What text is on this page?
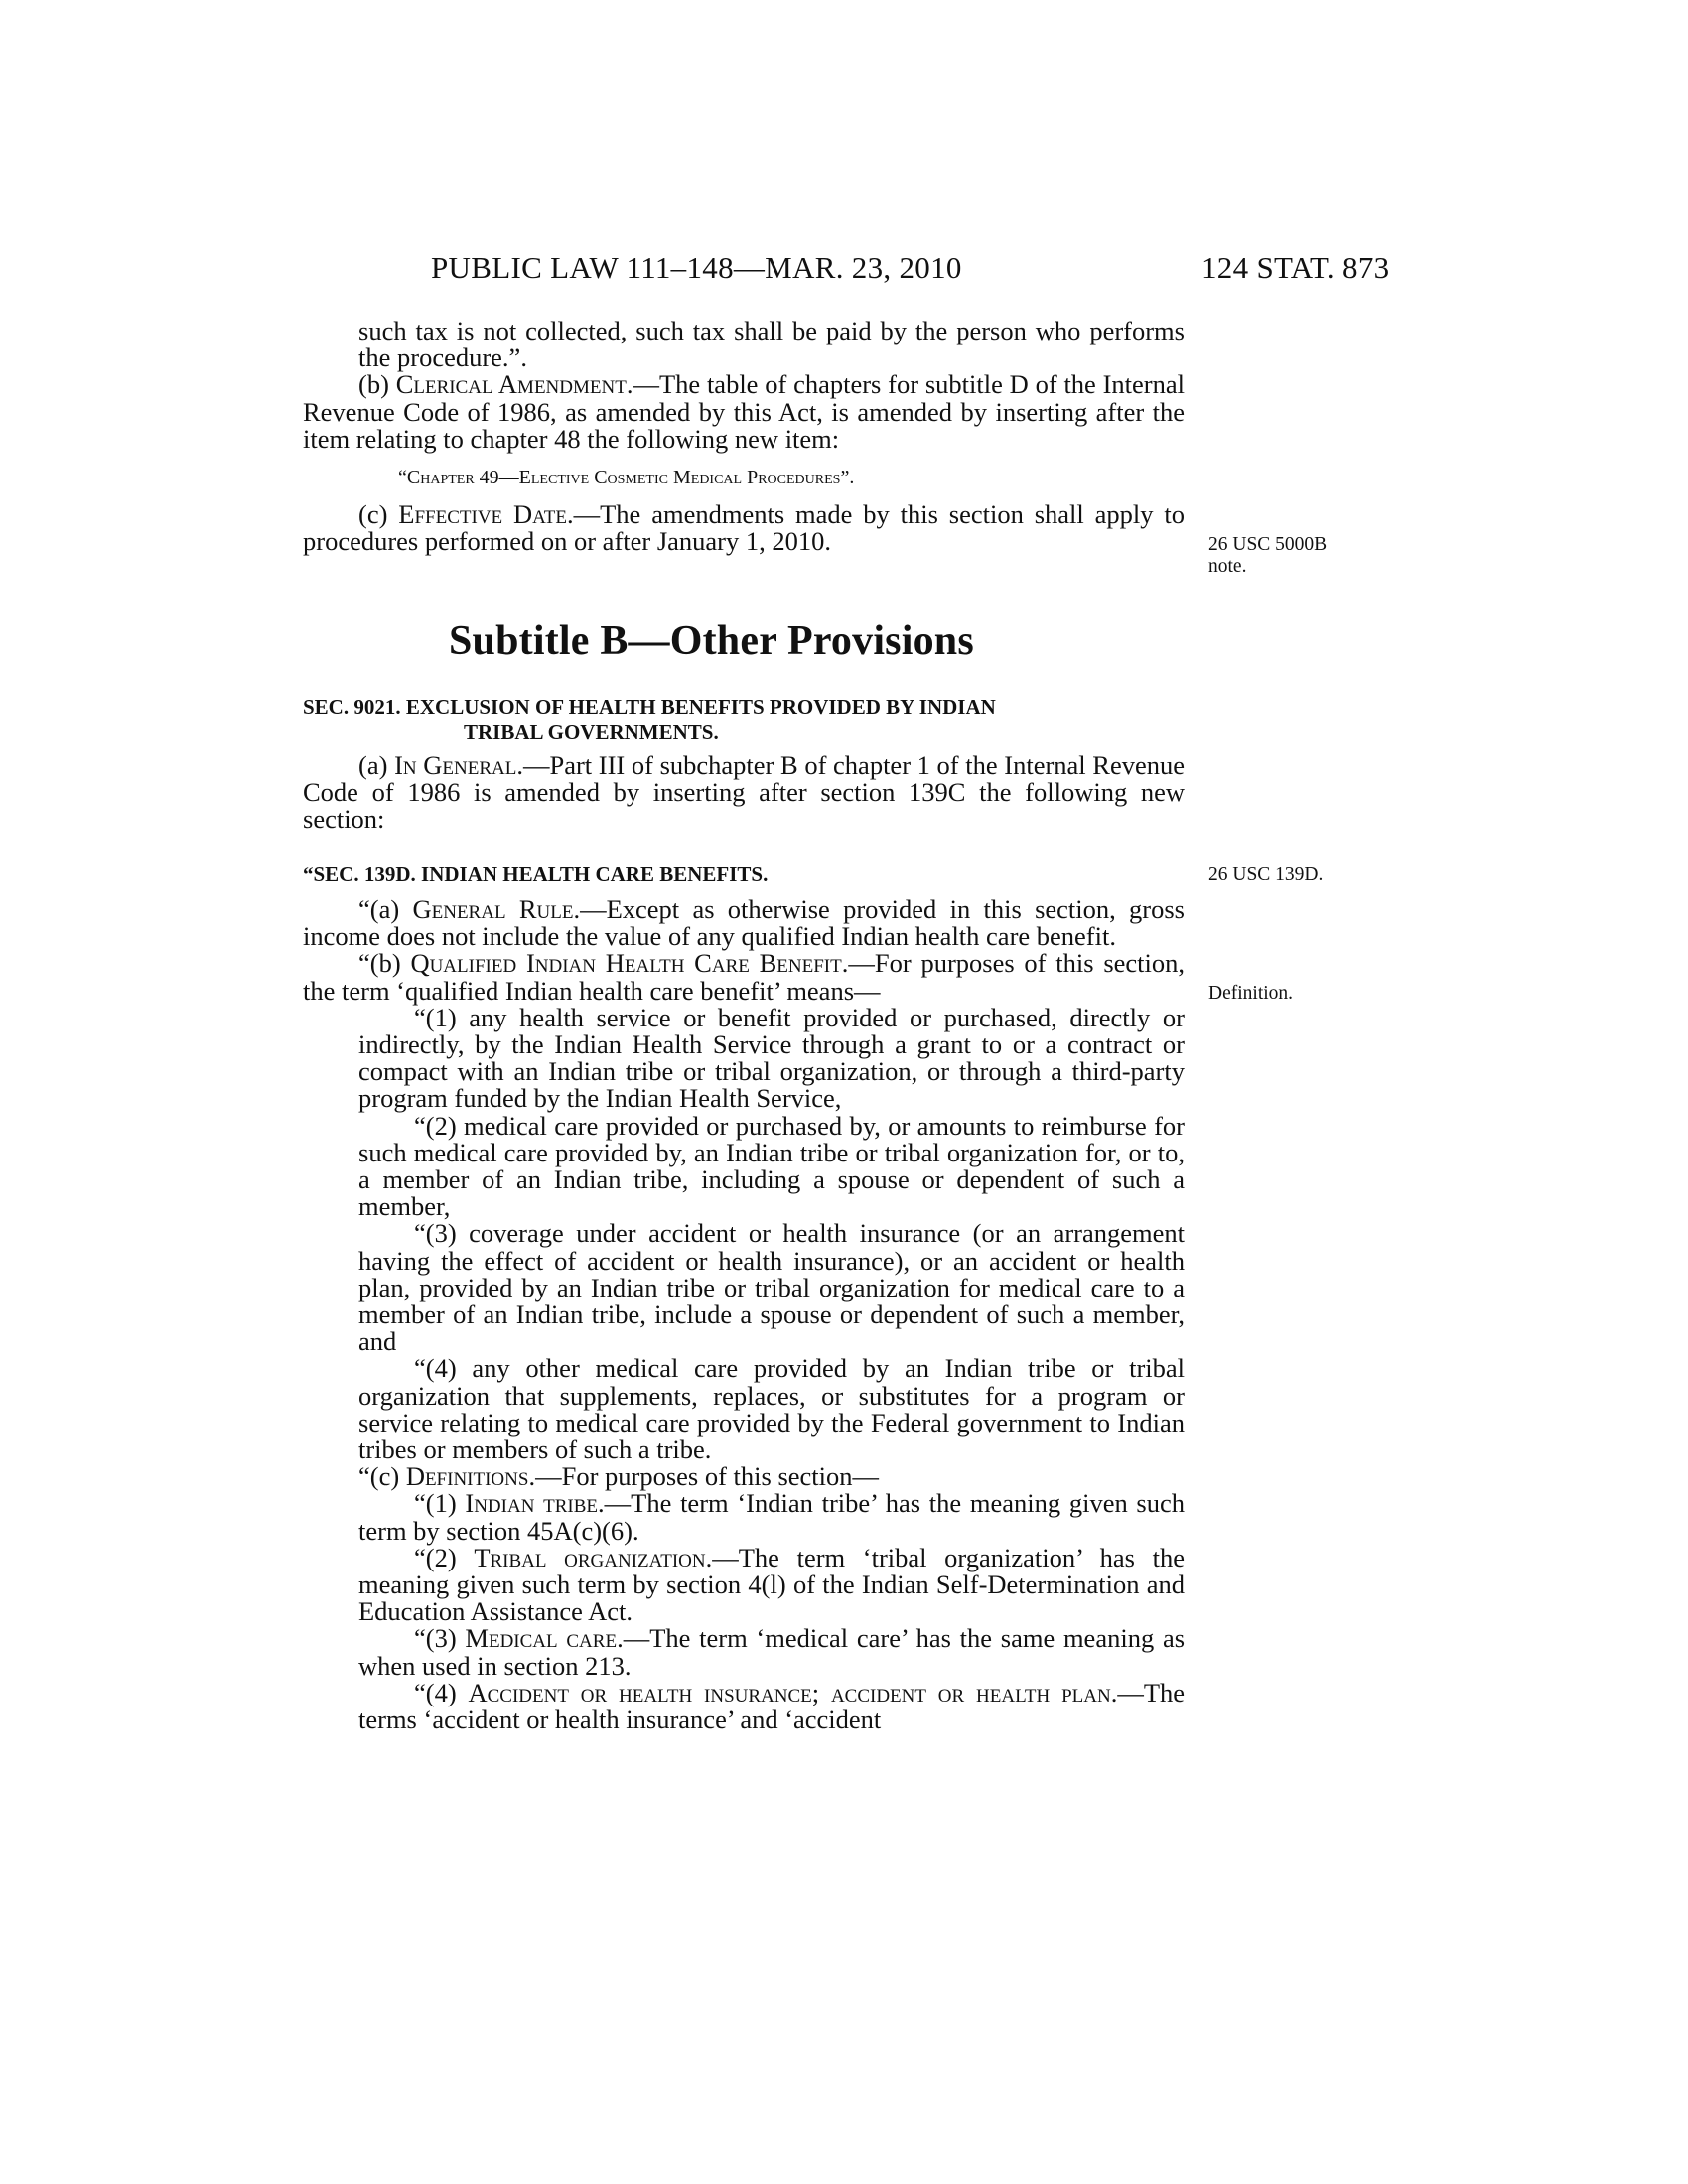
PUBLIC LAW 111–148—MAR. 23, 2010	124 STAT. 873

such tax is not collected, such tax shall be paid by the person who performs the procedure.”.

(b) Clerical Amendment.—The table of chapters for subtitle D of the Internal Revenue Code of 1986, as amended by this Act, is amended by inserting after the item relating to chapter 48 the following new item:

“Chapter 49—Elective Cosmetic Medical Procedures”.

(c) Effective Date.—The amendments made by this section shall apply to procedures performed on or after January 1, 2010.	26 USC 5000B
note.
Subtitle B—Other Provisions
SEC. 9021. EXCLUSION OF HEALTH BENEFITS PROVIDED BY INDIAN
TRIBAL GOVERNMENTS.

(a) In General.—Part III of subchapter B of chapter 1 of the Internal Revenue Code of 1986 is amended by inserting after section 139C the following new section:

“SEC. 139D. INDIAN HEALTH CARE BENEFITS.

“(a) General Rule.—Except as otherwise provided in this section, gross income does not include the value of any qualified Indian health care benefit.

“(b) Qualified Indian Health Care Benefit.—For purposes of this section, the term ‘qualified Indian health care benefit’ means—

“(1) any health service or benefit provided or purchased, directly or indirectly, by the Indian Health Service through a grant to or a contract or compact with an Indian tribe or tribal organization, or through a third-party program funded by the Indian Health Service,

“(2) medical care provided or purchased by, or amounts to reimburse for such medical care provided by, an Indian tribe or tribal organization for, or to, a member of an Indian tribe, including a spouse or dependent of such a member,

“(3) coverage under accident or health insurance (or an arrangement having the effect of accident or health insurance), or an accident or health plan, provided by an Indian tribe or tribal organization for medical care to a member of an Indian tribe, include a spouse or dependent of such a member, and

“(4) any other medical care provided by an Indian tribe or tribal organization that supplements, replaces, or substitutes for a program or service relating to medical care provided by the Federal government to Indian tribes or members of such a tribe.

“(c) Definitions.—For purposes of this section—

“(1) Indian tribe.—The term ‘Indian tribe’ has the meaning given such term by section 45A(c)(6).

“(2) Tribal organization.—The term ‘tribal organization’ has the meaning given such term by section 4(l) of the Indian Self-Determination and Education Assistance Act.

“(3) Medical care.—The term ‘medical care’ has the same meaning as when used in section 213.

“(4) Accident or health insurance; accident or health plan.—The terms ‘accident or health insurance’ and ‘accident

26 USC 139D.
Definition.
